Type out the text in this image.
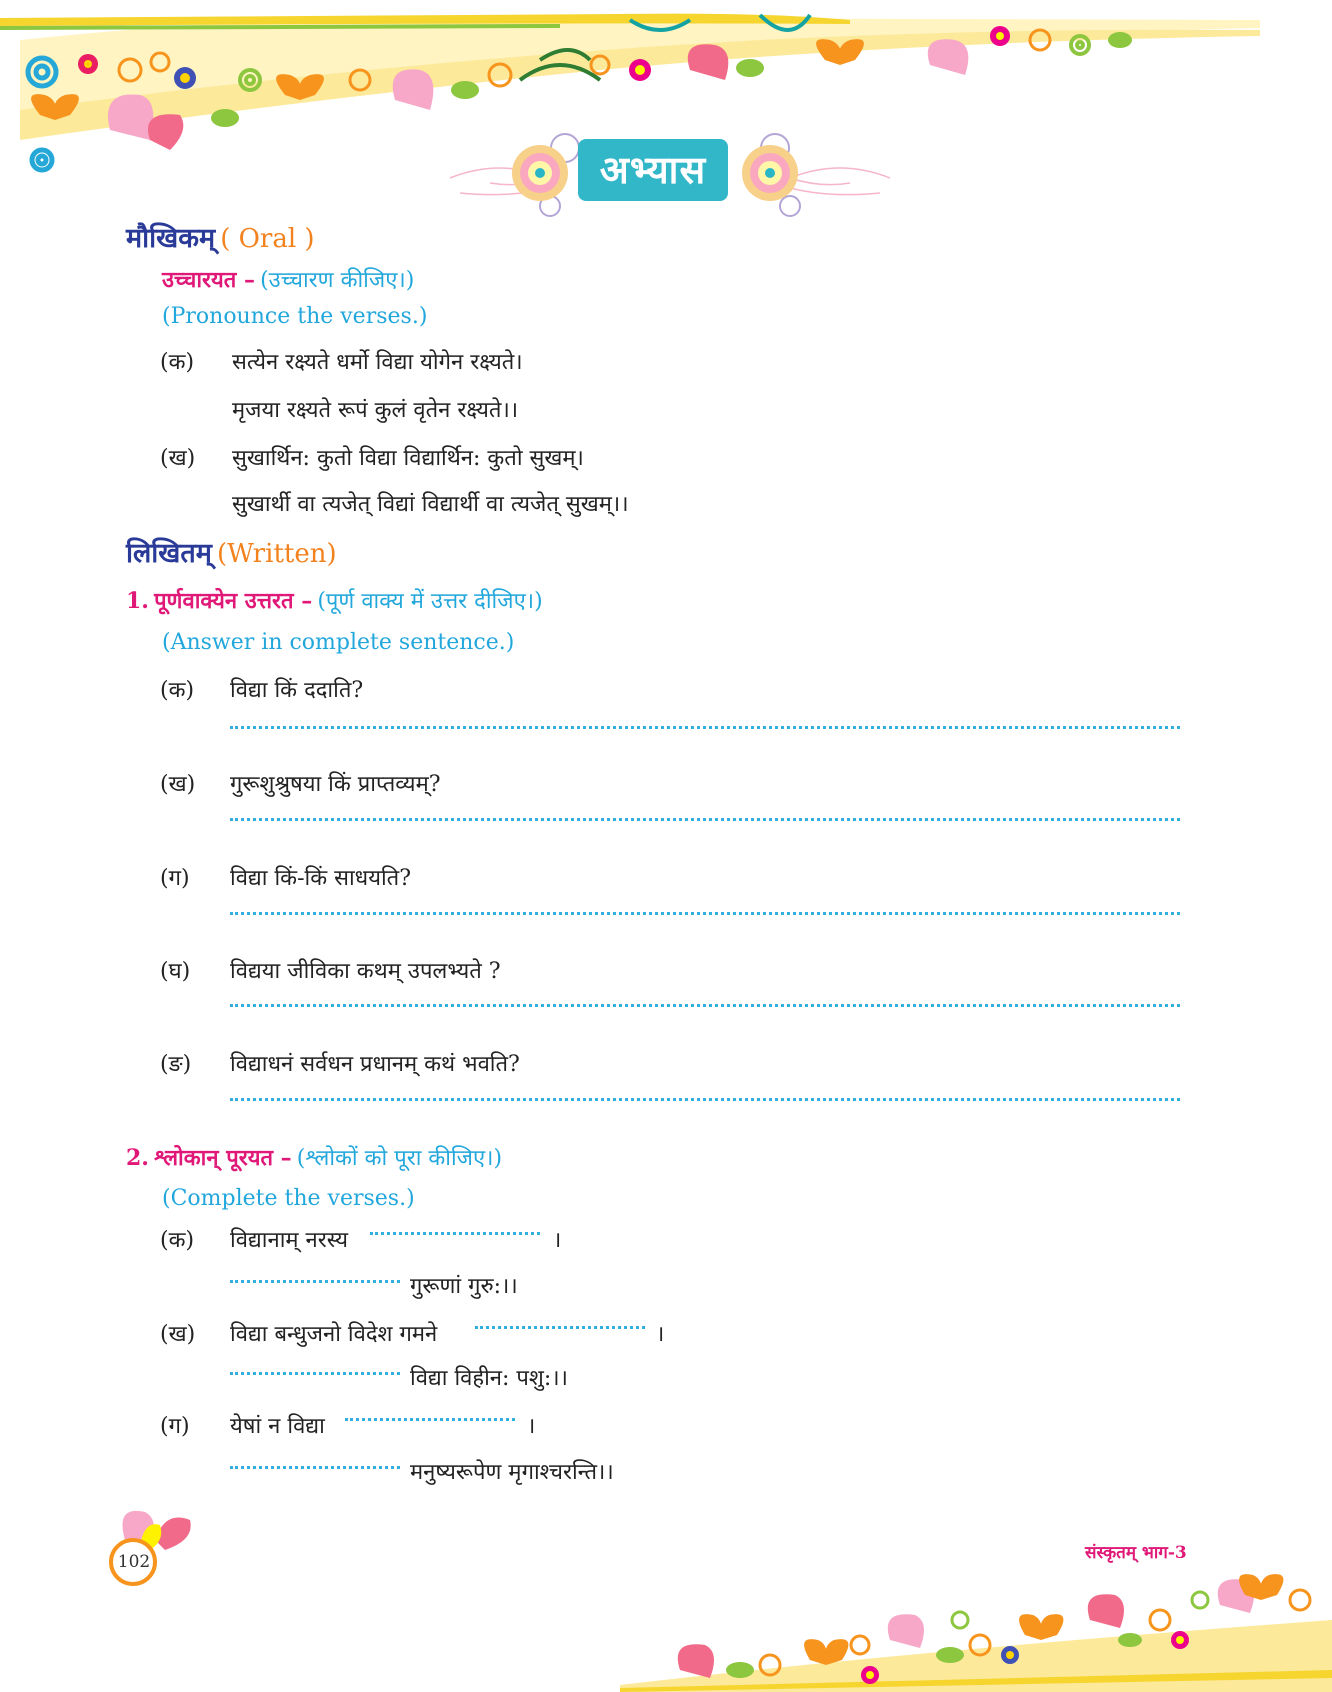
अभ्यास
मौखिकम् ( Oral )
उच्चारयत – (उच्चारण कीजिए।)
(Pronounce the verses.)
(क) सत्येन रक्ष्यते धर्मो विद्या योगेन रक्ष्यते।
मृजया रक्ष्यते रूपं कुलं वृतेन रक्ष्यते।।
(ख) सुखार्थिन: कुतो विद्या विद्यार्थिन: कुतो सुखम्।
सुखार्थी वा त्यजेत् विद्यां विद्यार्थी वा त्यजेत् सुखम्।।
लिखितम् (Written)
1. पूर्णवाक्येन उत्तरत – (पूर्ण वाक्य में उत्तर दीजिए।)
(Answer in complete sentence.)
(क) विद्या किं ददाति?
(ख) गुरूशुश्रुषया किं प्राप्तव्यम्?
(ग) विद्या किं-किं साधयति?
(घ) विद्यया जीविका कथम् उपलभ्यते ?
(ङ) विद्याधनं सर्वधन प्रधानम् कथं भवति?
2. श्लोकान् पूरयत – (श्लोकों को पूरा कीजिए।)
(Complete the verses.)
(क) विद्यानाम् नरस्य	।
गुरूणां गुरु:।।
(ख) विद्या बन्धुजनो विदेश गमने	।
विद्या विहीन: पशु:।।
(ग) येषां न विद्या	।
मनुष्यरूपेण मृगाश्चरन्ति।।
102	संस्कृतम् भाग-3
